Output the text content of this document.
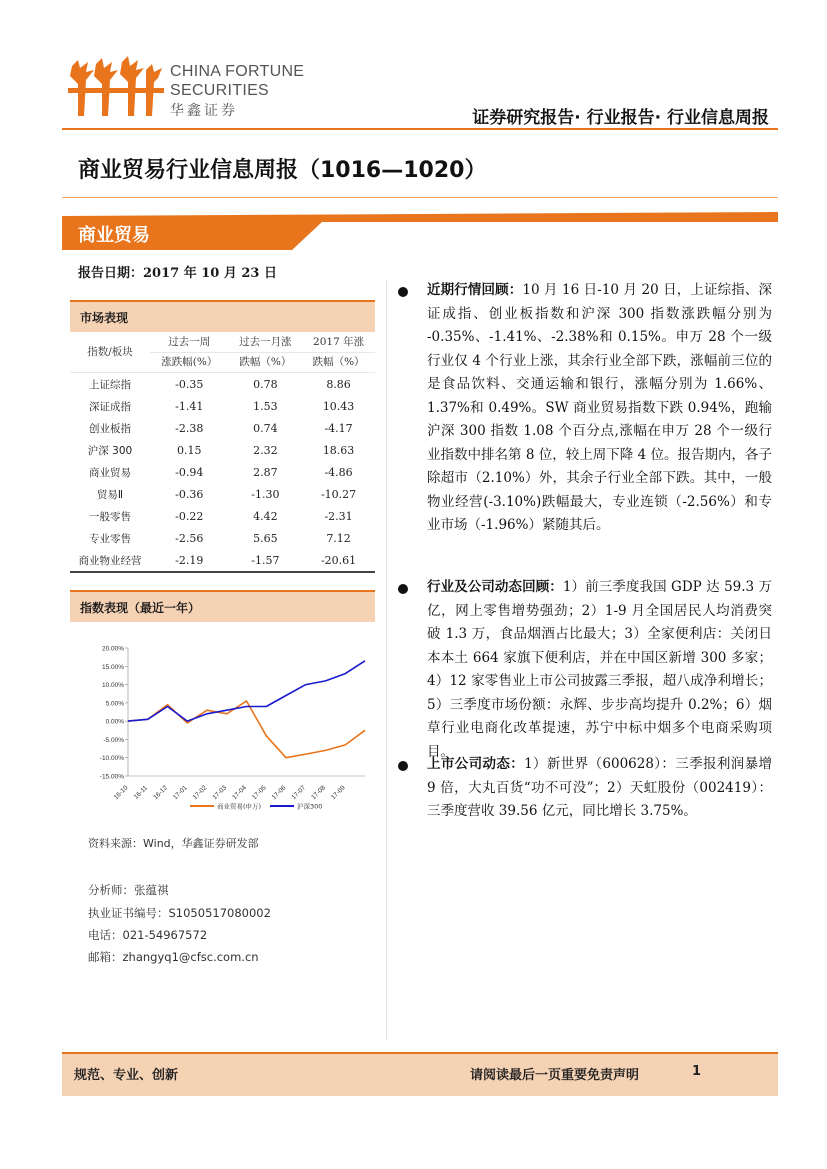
CHINA FORTUNE
SECURITIES
华鑫证券	证券研究报告· 行业报告· 行业信息周报
商业贸易行业信息周报（1016—1020）
商业贸易
报告日期：2017 年 10 月 23 日
市场表现
指数/板块	过去一周	过去一月涨	2017 年涨
	涨跌幅(%）	跌幅（%）	跌幅（%）
上证综指	-0.35	0.78	8.86
深证成指	-1.41	1.53	10.43
创业板指	-2.38	0.74	-4.17
沪深 300	0.15	2.32	18.63
商业贸易	-0.94	2.87	-4.86
贸易Ⅱ	-0.36	-1.30	-10.27
一般零售	-0.22	4.42	-2.31
专业零售	-2.56	5.65	7.12
商业物业经营	-2.19	-1.57	-20.61
指数表现（最近一年）
20.00%
15.00%
10.00%
5.00%
0.00%
-5.00%
-10.00%
-15.00%
16-10 16-11 16-12 17-01 17-02 17-03 17-04 17-05 17-06 17-07 17-08 17-09
商业贸易(申万)	沪深300
资料来源：Wind，华鑫证券研发部
分析师：张蕴祺
执业证书编号：S1050517080002
电话：021-54967572
邮箱：zhangyq1@cfsc.com.cn
近期行情回顾：10 月 16 日-10 月 20 日，上证综指、深证成指、创业板指数和沪深 300 指数涨跌幅分别为 -0.35%、-1.41%、-2.38%和 0.15%。申万 28 个一级行业仅 4 个行业上涨，其余行业全部下跌，涨幅前三位的是食品饮料、交通运输和银行，涨幅分别为 1.66%、1.37%和 0.49%。SW 商业贸易指数下跌 0.94%，跑输沪深 300 指数 1.08 个百分点,涨幅在申万 28 个一级行业指数中排名第 8 位，较上周下降 4 位。报告期内，各子除超市（2.10%）外，其余子行业全部下跌。其中，一般物业经营(-3.10%)跌幅最大，专业连锁（-2.56%）和专业市场（-1.96%）紧随其后。
行业及公司动态回顾：1）前三季度我国 GDP 达 59.3 万亿，网上零售增势强劲；2）1-9 月全国居民人均消费突破 1.3 万，食品烟酒占比最大；3）全家便利店：关闭日本本土 664 家旗下便利店，并在中国区新增 300 多家；4）12 家零售业上市公司披露三季报，超八成净利增长；5）三季度市场份额：永辉、步步高均提升 0.2%；6）烟草行业电商化改革提速，苏宁中标中烟多个电商采购项目。
上市公司动态：1）新世界（600628）：三季报利润暴增 9 倍，大丸百货“功不可没”；2）天虹股份（002419）：三季度营收 39.56 亿元，同比增长 3.75%。
规范、专业、创新	请阅读最后一页重要免责声明	1
